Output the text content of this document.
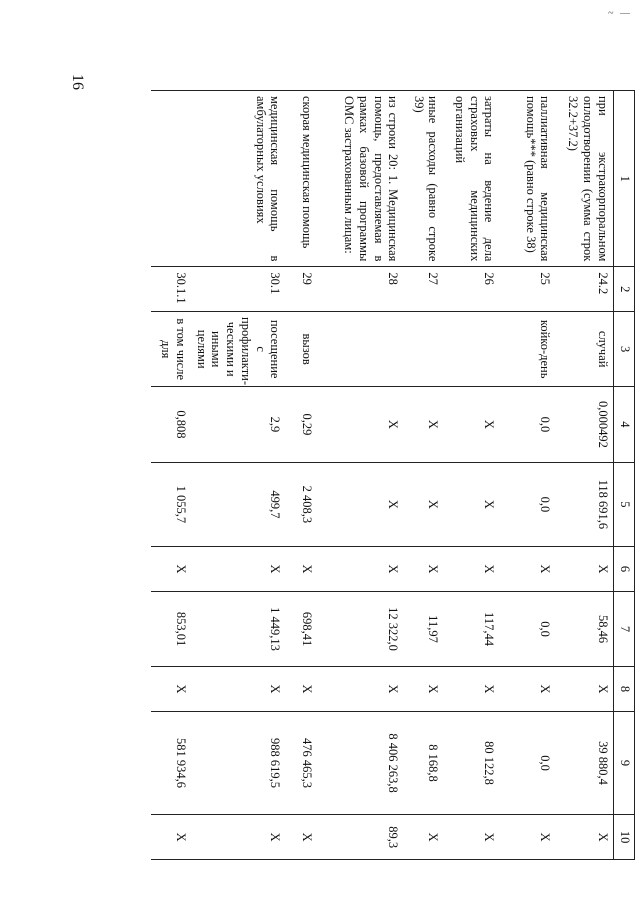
~ —
16
1	2	3	4	5	6	7	8	9	10
при экстракорпоральном оплодотворении (сумма строк 32.2+37.2)	24.2	случай	0,000492	118 691,6	X	58,46	X	39 880,4	X
паллиативная медицинская помощь*** (равно строке 38)	25	койко-день	0,0	0,0	X	0,0	X	0,0	X
затраты на ведение дела страховых медицинских организаций	26		X	X	X	117,44	X	80 122,8	X
иные расходы (равно строке 39)	27		X	X	X	11,97	X	8 168,8	X
из строки 20: 1. Медицинская помощь, предоставляемая в рамках базовой программы ОМС застрахованным лицам:	28		X	X	X	12 322,0	X	8 406 263,8	89,3
скорая медицинская помощь	29	вызов	0,29	2 408,3	X	698,41	X	476 465,3	X
медицинская помощь в амбулаторных условиях	30.1	посещение с профилакти-ческими и иными целями	2,9	499,7	X	1 449,13	X	988 619,5	X
	30.1.1	в том числе для	0,808	1 055,7	X	853,01	X	581 934,6	X
